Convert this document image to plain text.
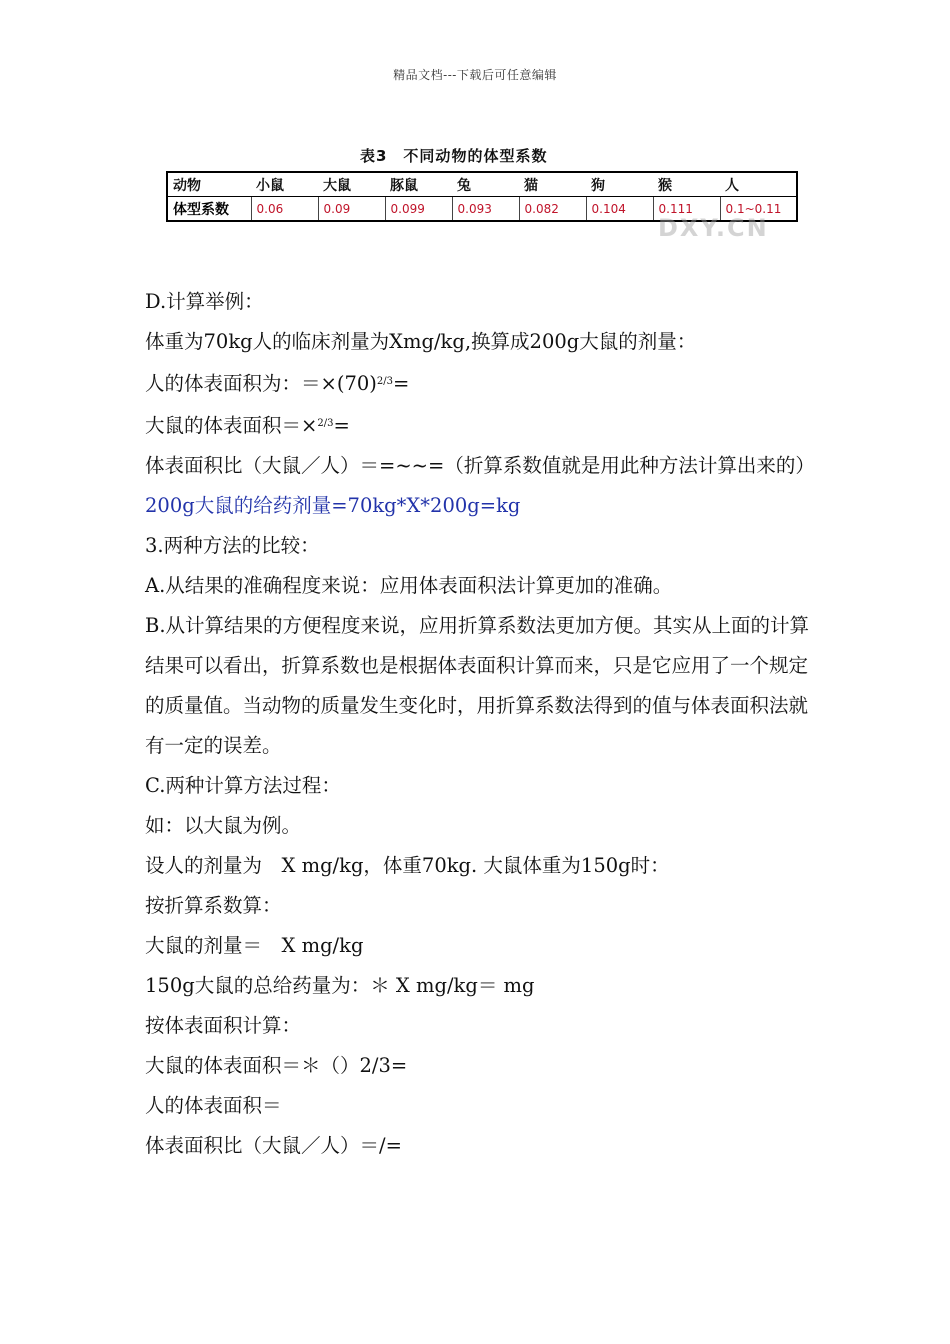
精品文档---下载后可任意编辑
表3　不同动物的体型系数
动物	小鼠	大鼠	豚鼠	兔	猫	狗	猴	人
体型系数	0.06	0.09	0.099	0.093	0.082	0.104	0.111	0.1~0.11
DXY.CN

D.计算举例：

体重为70kg人的临床剂量为Xmg/kg,换算成200g大鼠的剂量：

人的体表面积为：$=\times(70)^{2/3}=$

大鼠的体表面积＝×$^{2/3}$=

体表面积比（大鼠／人）＝=~~=（折算系数值就是用此种方法计算出来的）

200g大鼠的给药剂量=70kg*X*200g=kg

3.两种方法的比较：

A.从结果的准确程度来说：应用体表面积法计算更加的准确。

B.从计算结果的方便程度来说，应用折算系数法更加方便。其实从上面的计算结果可以看出，折算系数也是根据体表面积计算而来，只是它应用了一个规定的质量值。当动物的质量发生变化时，用折算系数法得到的值与体表面积法就有一定的误差。

C.两种计算方法过程：

如：以大鼠为例。

设人的剂量为　X mg/kg，体重70kg. 大鼠体重为150g时：

按折算系数算：

大鼠的剂量＝　X mg/kg

150g大鼠的总给药量为：＊ X mg/kg＝ mg

按体表面积计算：

大鼠的体表面积＝＊（）2/3=

人的体表面积＝

体表面积比（大鼠／人）＝/=
